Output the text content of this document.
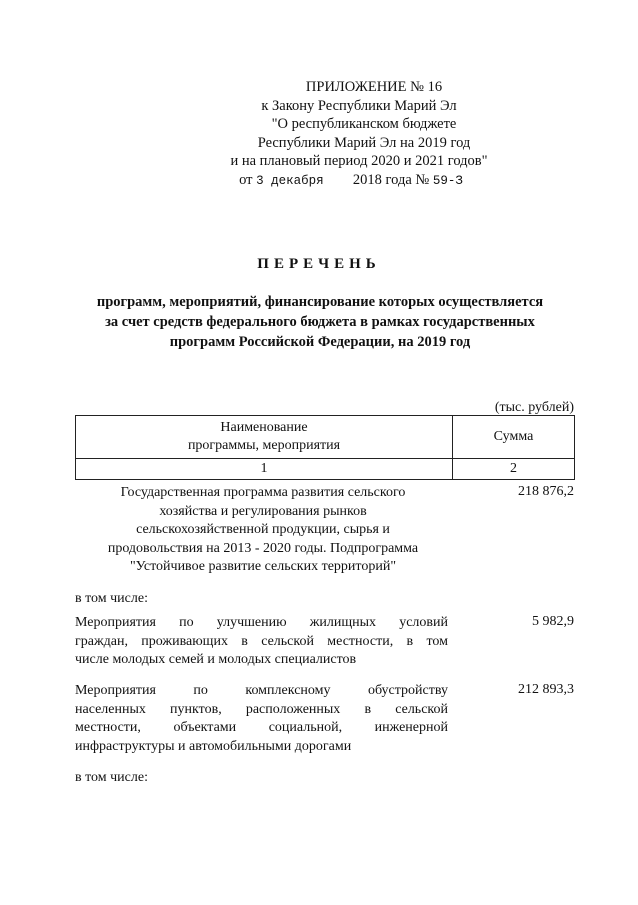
ПРИЛОЖЕНИЕ № 16
к Закону Республики Марий Эл
"О республиканском бюджете
Республики Марий Эл на 2019 год
и на плановый период 2020 и 2021 годов"
от 3 декабря 2018 года № 59-З
ПЕРЕЧЕНЬ
программ, мероприятий, финансирование которых осуществляется
за счет средств федерального бюджета в рамках государственных
программ Российской Федерации, на 2019 год
(тыс. рублей)
Наименование
программы, мероприятия	Сумма
1	2
Государственная программа развития сельского
хозяйства и регулирования рынков
сельскохозяйственной продукции, сырья и
продовольствия на 2013 - 2020 годы. Подпрограмма
"Устойчивое развитие сельских территорий"
218 876,2
в том числе:
Мероприятия по улучшению жилищных условий
граждан, проживающих в сельской местности, в том
числе молодых семей и молодых специалистов
5 982,9
Мероприятия по комплексному обустройству
населенных пунктов, расположенных в сельской
местности, объектами социальной, инженерной
инфраструктуры и автомобильными дорогами
212 893,3
в том числе:
